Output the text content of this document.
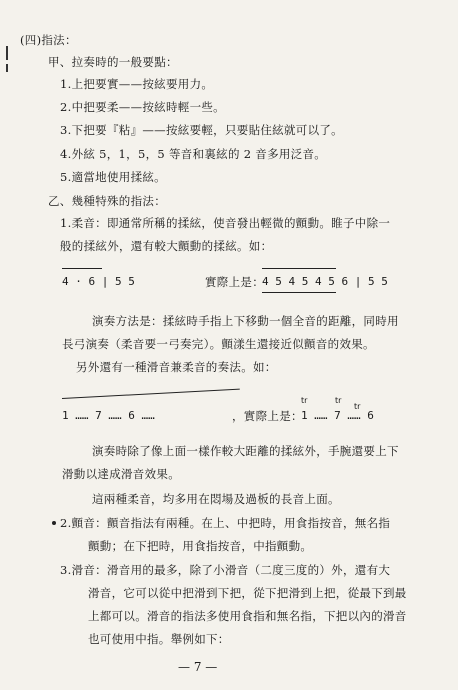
(四)指法：
甲、拉奏時的一般要點：
1.上把要實——按絃要用力。
2.中把要柔——按絃時輕一些。
3.下把要『粘』——按絃要輕，只要貼住絃就可以了。
4.外絃 5，1，5，5 等音和裏絃的 2 音多用泛音。
5.適當地使用揉絃。
乙、幾種特殊的指法：
1.柔音：即通常所稱的揉絃，使音發出輕微的顫動。睢子中除一
般的揉絃外，還有較大顫動的揉絃。如：
4 · 6 | 5 5	實際上是：
4 5 4 5 4 5 6 | 5 5
演奏方法是：揉絃時手指上下移動一個全音的距離，同時用
長弓演奏（柔音要一弓奏完）。顫漾生還接近似顫音的效果。
另外還有一種滑音兼柔音的奏法。如：
1 …… 7 …… 6 ……	，實際上是：
tr	tr
tr
1 …… 7 …… 6
演奏時除了像上面一樣作較大距離的揉絃外，手腕還要上下
滑動以達成滑音效果。
這兩種柔音，均多用在悶場及過板的長音上面。
2.顫音：顫音指法有兩種。在上、中把時，用食指按音，無名指
顫動；在下把時，用食指按音，中指顫動。
3.滑音：滑音用的最多，除了小滑音（二度三度的）外，還有大
滑音，它可以從中把滑到下把，從下把滑到上把，從最下到最
上都可以。滑音的指法多使用食指和無名指，下把以內的滑音
也可使用中指。舉例如下：
— 7 —
